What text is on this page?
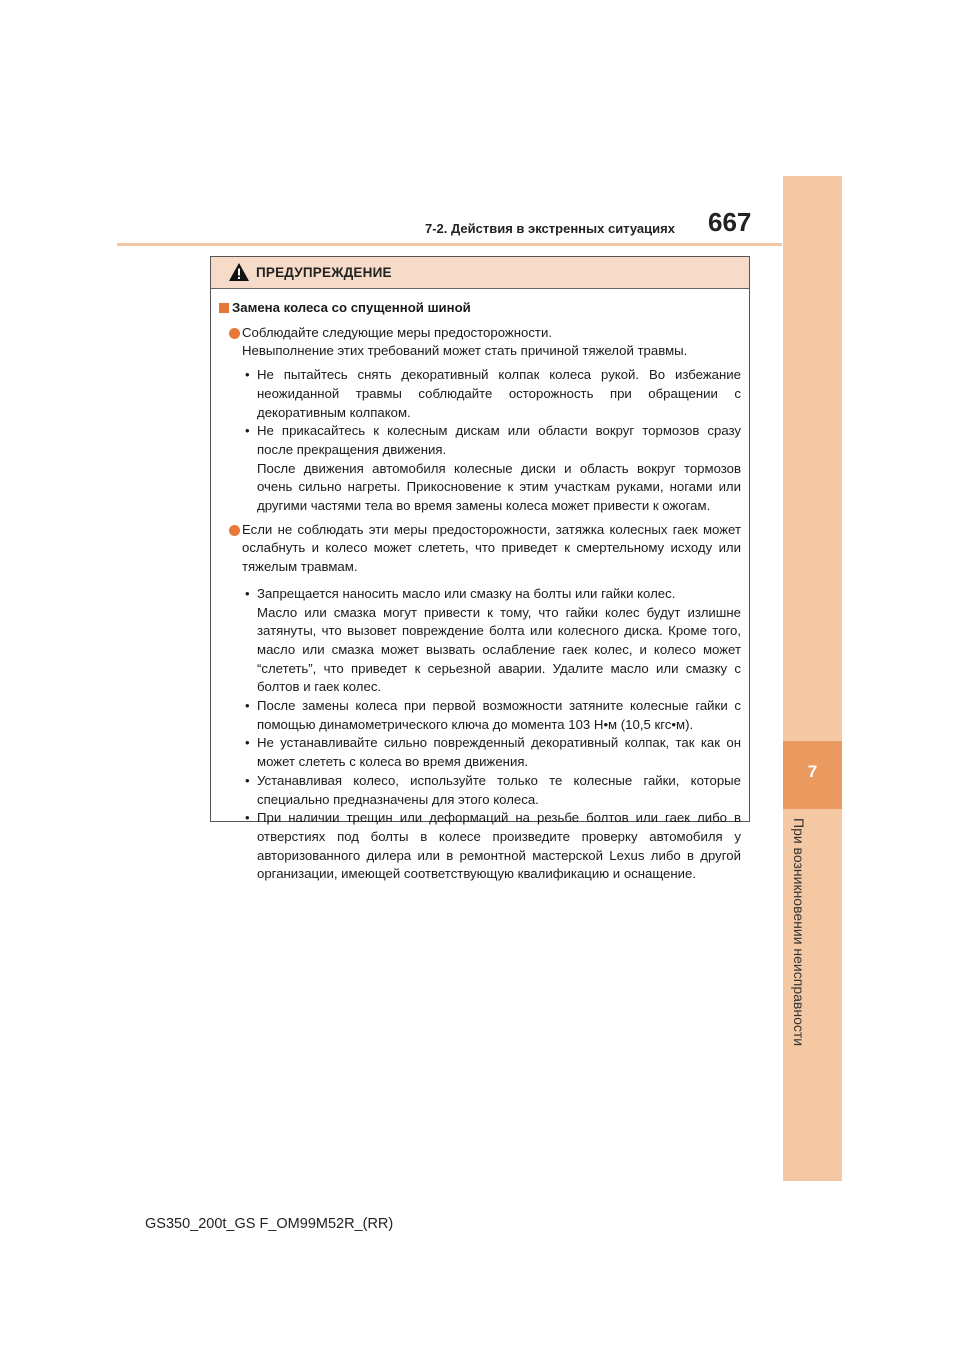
7-2. Действия в экстренных ситуациях 667
7
При возникновении неисправности
ПРЕДУПРЕЖДЕНИЕ
Замена колеса со спущенной шиной

Соблюдайте следующие меры предосторожности.

Невыполнение этих требований может стать причиной тяжелой травмы.

• Не пытайтесь снять декоративный колпак колеса рукой. Во избежание неожиданной травмы соблюдайте осторожность при обращении с декоративным колпаком.

• Не прикасайтесь к колесным дискам или области вокруг тормозов сразу после прекращения движения.

После движения автомобиля колесные диски и область вокруг тормозов очень сильно нагреты. Прикосновение к этим участкам руками, ногами или другими частями тела во время замены колеса может привести к ожогам.

Если не соблюдать эти меры предосторожности, затяжка колесных гаек может ослабнуть и колесо может слететь, что приведет к смертельному исходу или тяжелым травмам.

• Запрещается наносить масло или смазку на болты или гайки колес.

Масло или смазка могут привести к тому, что гайки колес будут излишне затянуты, что вызовет повреждение болта или колесного диска. Кроме того, масло или смазка может вызвать ослабление гаек колес, и колесо может “слететь”, что приведет к серьезной аварии. Удалите масло или смазку с болтов и гаек колес.

• После замены колеса при первой возможности затяните колесные гайки с помощью динамометрического ключа до момента 103 Н•м (10,5 кгс•м).

• Не устанавливайте сильно поврежденный декоративный колпак, так как он может слететь с колеса во время движения.

• Устанавливая колесо, используйте только те колесные гайки, которые специально предназначены для этого колеса.

• При наличии трещин или деформаций на резьбе болтов или гаек либо в отверстиях под болты в колесе произведите проверку автомобиля у авторизованного дилера или в ремонтной мастерской Lexus либо в другой организации, имеющей соответствующую квалификацию и оснащение.

GS350_200t_GS F_OM99M52R_(RR)
